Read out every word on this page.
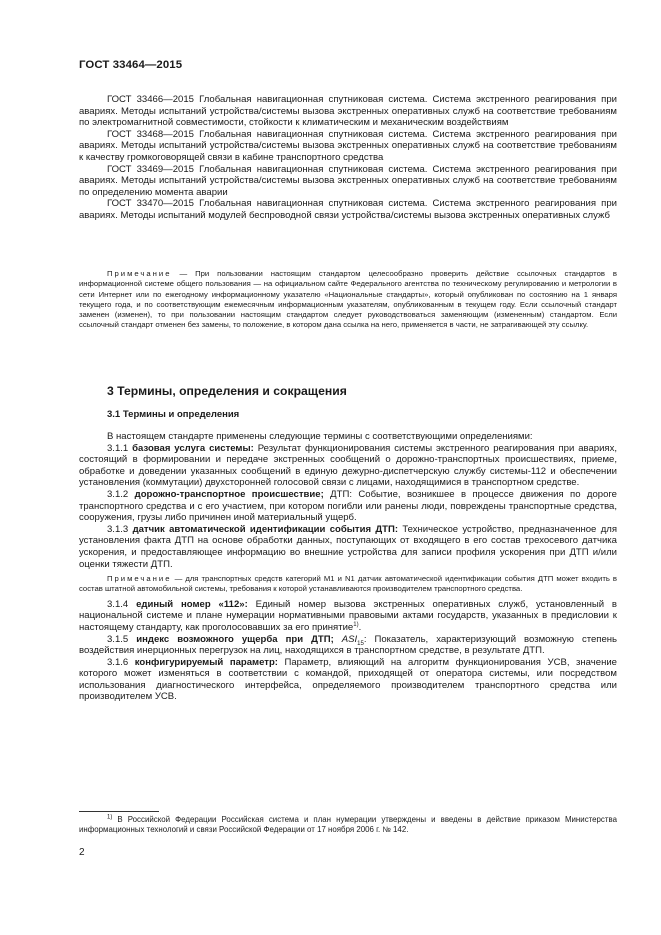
ГОСТ 33464—2015

ГОСТ 33466—2015 Глобальная навигационная спутниковая система. Система экстренного реагирования при авариях. Методы испытаний устройства/системы вызова экстренных оперативных служб на соответствие требованиям по электромагнитной совместимости, стойкости к климатическим и механическим воздействиям

ГОСТ 33468—2015 Глобальная навигационная спутниковая система. Система экстренного реагирования при авариях. Методы испытаний устройства/системы вызова экстренных оперативных служб на соответствие требованиям к качеству громкоговорящей связи в кабине транспортного средства

ГОСТ 33469—2015 Глобальная навигационная спутниковая система. Система экстренного реагирования при авариях. Методы испытаний устройства/системы вызова экстренных оперативных служб на соответствие требованиям по определению момента аварии

ГОСТ 33470—2015 Глобальная навигационная спутниковая система. Система экстренного реагирования при авариях. Методы испытаний модулей беспроводной связи устройства/системы вызова экстренных оперативных служб

Примечание — При пользовании настоящим стандартом целесообразно проверить действие ссылочных стандартов в информационной системе общего пользования — на официальном сайте Федерального агентства по техническому регулированию и метрологии в сети Интернет или по ежегодному информационному указателю «Национальные стандарты», который опубликован по состоянию на 1 января текущего года, и по соответствующим ежемесячным информационным указателям, опубликованным в текущем году. Если ссылочный стандарт заменен (изменен), то при пользовании настоящим стандартом следует руководствоваться заменяющим (измененным) стандартом. Если ссылочный стандарт отменен без замены, то положение, в котором дана ссылка на него, применяется в части, не затрагивающей эту ссылку.

3 Термины, определения и сокращения
3.1 Термины и определения

В настоящем стандарте применены следующие термины с соответствующими определениями:

3.1.1 базовая услуга системы: Результат функционирования системы экстренного реагирования при авариях, состоящий в формировании и передаче экстренных сообщений о дорожно-транспортных происшествиях, приеме, обработке и доведении указанных сообщений в единую дежурно-диспетчерскую службу системы-112 и обеспечении установления (коммутации) двухсторонней голосовой связи с лицами, находящимися в транспортном средстве.

3.1.2 дорожно-транспортное происшествие; ДТП: Событие, возникшее в процессе движения по дороге транспортного средства и с его участием, при котором погибли или ранены люди, повреждены транспортные средства, сооружения, грузы либо причинен иной материальный ущерб.

3.1.3 датчик автоматической идентификации события ДТП: Техническое устройство, предназначенное для установления факта ДТП на основе обработки данных, поступающих от входящего в его состав трехосевого датчика ускорения, и предоставляющее информацию во внешние устройства для записи профиля ускорения при ДТП и/или оценки тяжести ДТП.

Примечание — для транспортных средств категорий M1 и N1 датчик автоматической идентификации события ДТП может входить в состав штатной автомобильной системы, требования к которой устанавливаются производителем транспортного средства.

3.1.4 единый номер «112»: Единый номер вызова экстренных оперативных служб, установленный в национальной системе и плане нумерации нормативными правовыми актами государств, указанных в предисловии к настоящему стандарту, как проголосовавших за его принятие$^{1)}$.

3.1.5 индекс возможного ущерба при ДТП; $ASI_{15}$: Показатель, характеризующий возможную степень воздействия инерционных перегрузок на лиц, находящихся в транспортном средстве, в результате ДТП.

3.1.6 конфигурируемый параметр: Параметр, влияющий на алгоритм функционирования УСВ, значение которого может изменяться в соответствии с командой, приходящей от оператора системы, или посредством использования диагностического интерфейса, определяемого производителем транспортного средства или производителем УСВ.

$^{1)}$ В Российской Федерации Российская система и план нумерации утверждены и введены в действие приказом Министерства информационных технологий и связи Российской Федерации от 17 ноября 2006 г. № 142.

2
